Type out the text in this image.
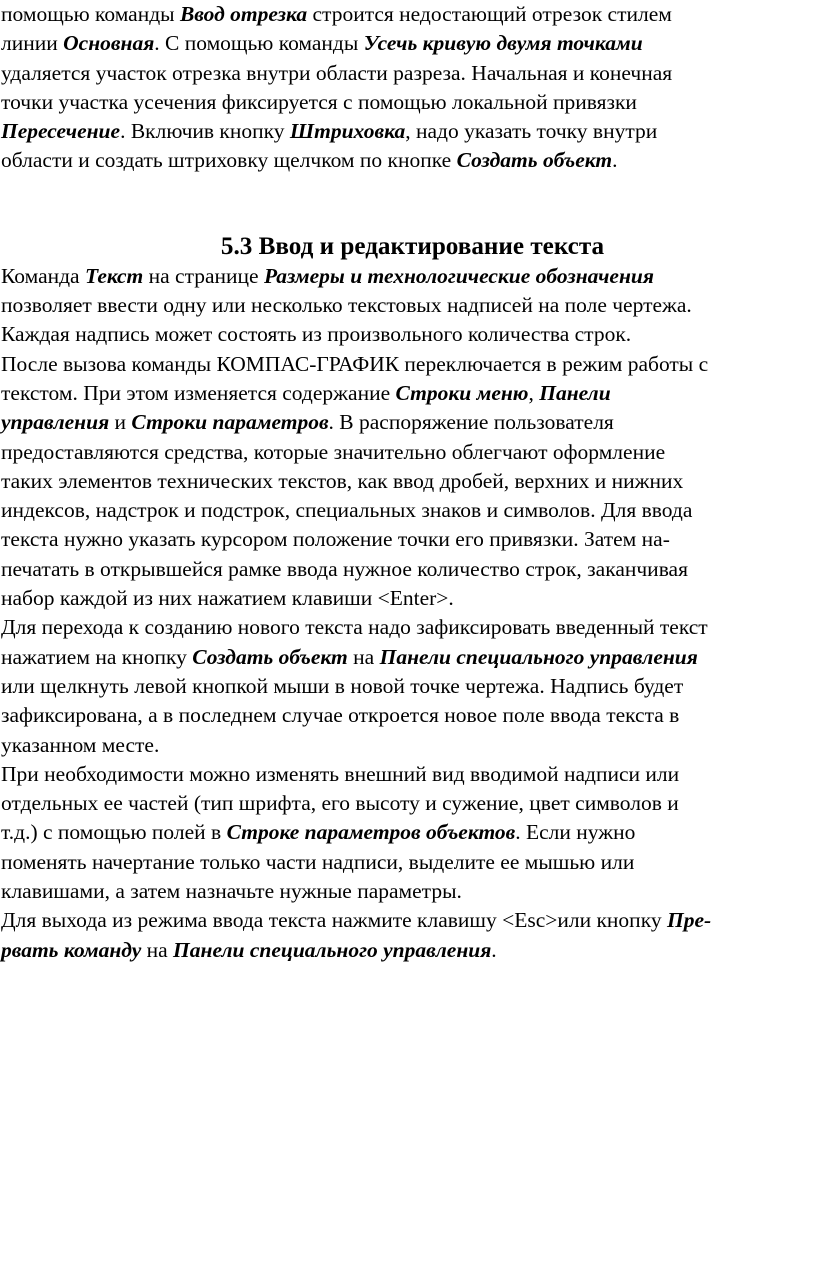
помощью команды Ввод отрезка строится недостающий отрезок стилем
линии Основная. С помощью команды Усечь кривую двумя точками
удаляется участок отрезка внутри области разреза. Начальная и конечная
точки участка усечения фиксируется с помощью локальной привязки
Пересечение. Включив кнопку Штриховка, надо указать точку внутри
области и создать штриховку щелчком по кнопке Создать объект.
5.3 Ввод и редактирование текста
Команда Текст на странице Размеры и технологические обозначения
позволяет ввести одну или несколько текстовых надписей на поле чертежа.
Каждая надпись может состоять из произвольного количества строк.
После вызова команды КОМПАС-ГРАФИК переключается в режим работы с
текстом. При этом изменяется содержание Строки меню, Панели
управления и Строки параметров. В распоряжение пользователя
предоставляются средства, которые значительно облегчают оформление
таких элементов технических текстов, как ввод дробей, верхних и нижних
индексов, надстрок и подстрок, специальных знаков и символов. Для ввода
текста нужно указать курсором положение точки его привязки. Затем на-
печатать в открывшейся рамке ввода нужное количество строк, заканчивая
набор каждой из них нажатием клавиши <Enter>.
Для перехода к созданию нового текста надо зафиксировать введенный текст
нажатием на кнопку Создать объект на Панели специального управления
или щелкнуть левой кнопкой мыши в новой точке чертежа. Надпись будет
зафиксирована, а в последнем случае откроется новое поле ввода текста в
указанном месте.
При необходимости можно изменять внешний вид вводимой надписи или
отдельных ее частей (тип шрифта, его высоту и сужение, цвет символов и
т.д.) с помощью полей в Строке параметров объектов. Если нужно
поменять начертание только части надписи, выделите ее мышью или
клавишами, а затем назначьте нужные параметры.
Для выхода из режима ввода текста нажмите клавишу <Esc>или кнопку Пре-
рвать команду на Панели специального управления.
